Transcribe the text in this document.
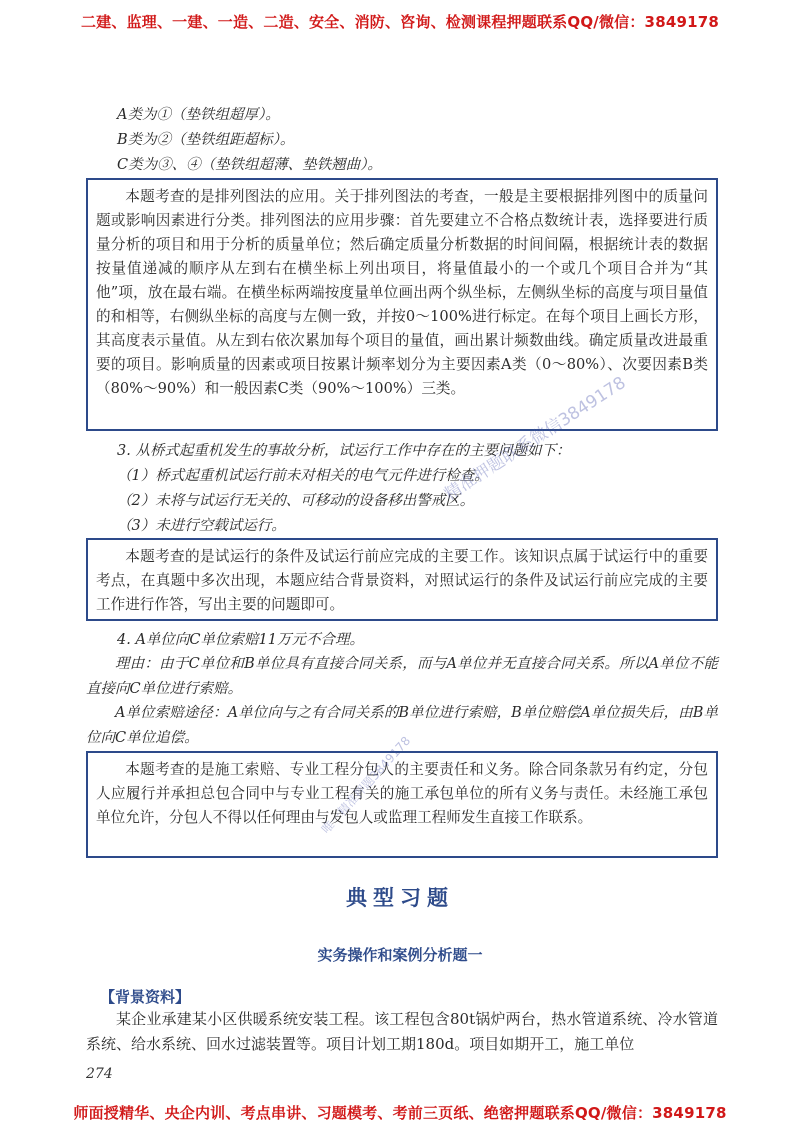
二建、监理、一建、一造、二造、安全、消防、咨询、检测课程押题联系QQ/微信：3849178
A类为①（垫铁组超厚）。
B类为②（垫铁组距超标）。
C类为③、④（垫铁组超薄、垫铁翘曲）。

本题考查的是排列图法的应用。关于排列图法的考查，一般是主要根据排列图中的质量问题或影响因素进行分类。排列图法的应用步骤：首先要建立不合格点数统计表，选择要进行质量分析的项目和用于分析的质量单位；然后确定质量分析数据的时间间隔，根据统计表的数据按量值递减的顺序从左到右在横坐标上列出项目，将量值最小的一个或几个项目合并为“其他”项，放在最右端。在横坐标两端按度量单位画出两个纵坐标，左侧纵坐标的高度与项目量值的和相等，右侧纵坐标的高度与左侧一致，并按0～100%进行标定。在每个项目上画长方形，其高度表示量值。从左到右依次累加每个项目的量值，画出累计频数曲线。确定质量改进最重要的项目。影响质量的因素或项目按累计频率划分为主要因素A类（0～80%）、次要因素B类（80%～90%）和一般因素C类（90%～100%）三类。

3. 从桥式起重机发生的事故分析，试运行工作中存在的主要问题如下：
（1）桥式起重机试运行前未对相关的电气元件进行检查。
（2）未将与试运行无关的、可移动的设备移出警戒区。
（3）未进行空载试运行。

本题考查的是试运行的条件及试运行前应完成的主要工作。该知识点属于试运行中的重要考点，在真题中多次出现，本题应结合背景资料，对照试运行的条件及试运行前应完成的主要工作进行作答，写出主要的问题即可。

4. A单位向C单位索赔11万元不合理。

理由：由于C单位和B单位具有直接合同关系，而与A单位并无直接合同关系。所以A单位不能直接向C单位进行索赔。

A单位索赔途径：A单位向与之有合同关系的B单位进行索赔，B单位赔偿A单位损失后，由B单位向C单位追偿。

本题考查的是施工索赔、专业工程分包人的主要责任和义务。除合同条款另有约定，分包人应履行并承担总包合同中与专业工程有关的施工承包单位的所有义务与责任。未经施工承包单位允许，分包人不得以任何理由与发包人或监理工程师发生直接工作联系。

典型习题
实务操作和案例分析题一
【背景资料】

某企业承建某小区供暖系统安装工程。该工程包含80t锅炉两台，热水管道系统、冷水管道系统、给水系统、回水过滤装置等。项目计划工期180d。项目如期开工，施工单位

274
师面授精华、央企内训、考点串讲、习题模考、考前三页纸、绝密押题联系QQ/微信：3849178
精准押题联系微信3849178
唯一精准押题3849178
